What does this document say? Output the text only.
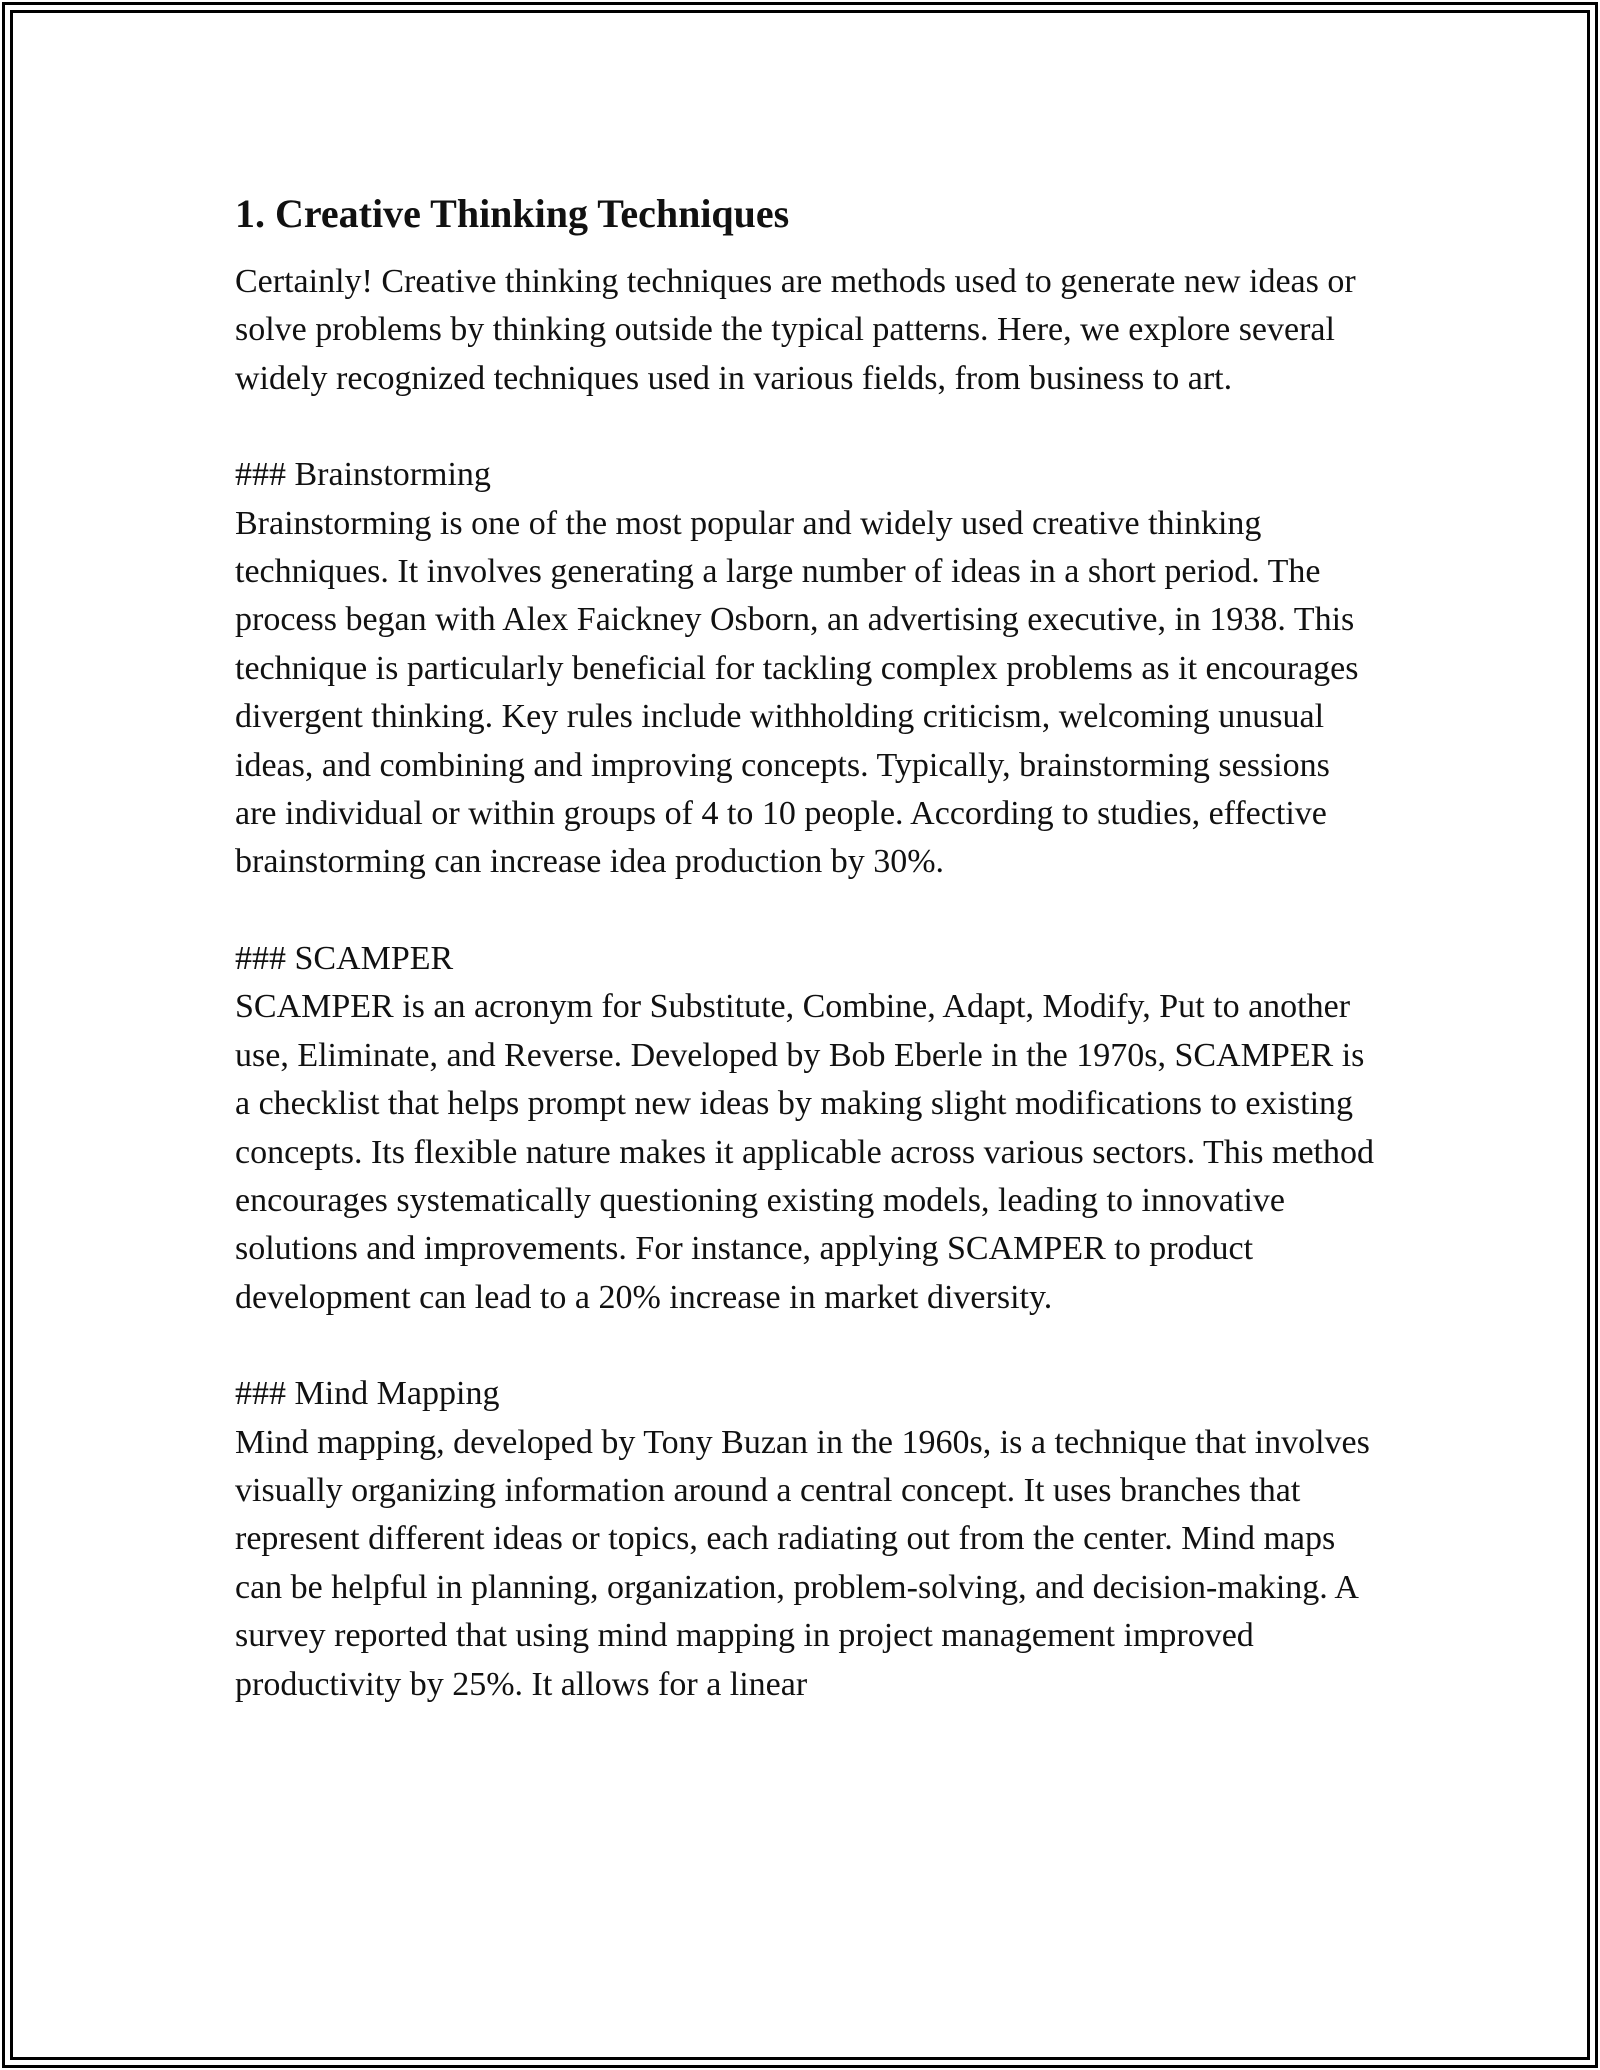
1. Creative Thinking Techniques

Certainly! Creative thinking techniques are methods used to generate new ideas or solve problems by thinking outside the typical patterns. Here, we explore several widely recognized techniques used in various fields, from business to art.

### Brainstorming

Brainstorming is one of the most popular and widely used creative thinking techniques. It involves generating a large number of ideas in a short period. The process began with Alex Faickney Osborn, an advertising executive, in 1938. This technique is particularly beneficial for tackling complex problems as it encourages divergent thinking. Key rules include withholding criticism, welcoming unusual ideas, and combining and improving concepts. Typically, brainstorming sessions are individual or within groups of 4 to 10 people. According to studies, effective brainstorming can increase idea production by 30%.

### SCAMPER

SCAMPER is an acronym for Substitute, Combine, Adapt, Modify, Put to another use, Eliminate, and Reverse. Developed by Bob Eberle in the 1970s, SCAMPER is a checklist that helps prompt new ideas by making slight modifications to existing concepts. Its flexible nature makes it applicable across various sectors. This method encourages systematically questioning existing models, leading to innovative solutions and improvements. For instance, applying SCAMPER to product development can lead to a 20% increase in market diversity.

### Mind Mapping

Mind mapping, developed by Tony Buzan in the 1960s, is a technique that involves visually organizing information around a central concept. It uses branches that represent different ideas or topics, each radiating out from the center. Mind maps can be helpful in planning, organization, problem-solving, and decision-making. A survey reported that using mind mapping in project management improved productivity by 25%. It allows for a linear
